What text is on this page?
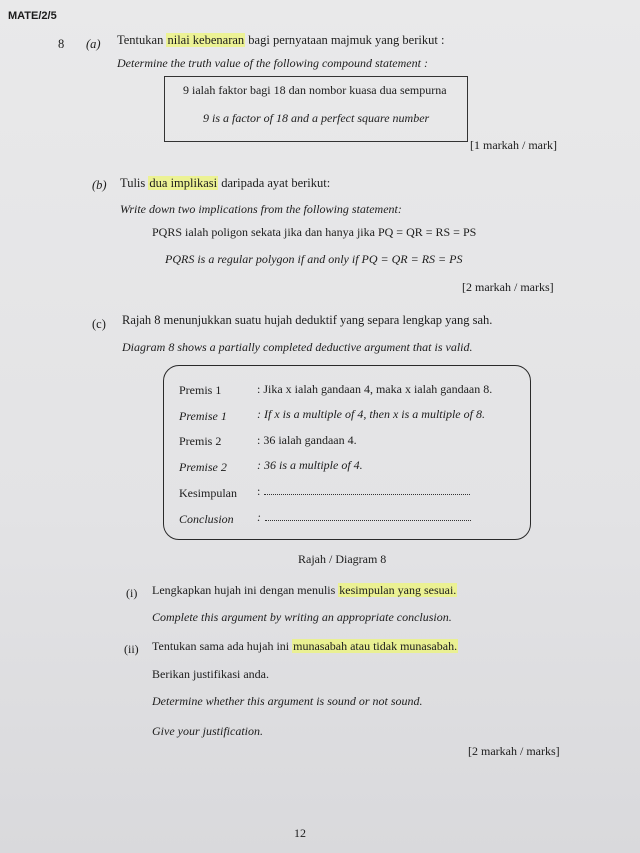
MATE/2/5
8 (a) Tentukan nilai kebenaran bagi pernyataan majmuk yang berikut :
Determine the truth value of the following compound statement :
9 ialah faktor bagi 18 dan nombor kuasa dua sempurna
9 is a factor of 18 and a perfect square number
[1 markah / mark]
(b) Tulis dua implikasi daripada ayat berikut:
Write down two implications from the following statement:
PQRS ialah poligon sekata jika dan hanya jika PQ = QR = RS = PS
PQRS is a regular polygon if and only if PQ = QR = RS = PS
[2 markah / marks]
(c) Rajah 8 menunjukkan suatu hujah deduktif yang separa lengkap yang sah.
Diagram 8 shows a partially completed deductive argument that is valid.
Premis 1	: Jika x ialah gandaan 4, maka x ialah gandaan 8.
Premise 1	: If x is a multiple of 4, then x is a multiple of 8.
Premis 2	: 36 ialah gandaan 4.
Premise 2	: 36 is a multiple of 4.
Kesimpulan :
Conclusion :
Rajah / Diagram 8
(i) Lengkapkan hujah ini dengan menulis kesimpulan yang sesuai.
Complete this argument by writing an appropriate conclusion.
(ii) Tentukan sama ada hujah ini munasabah atau tidak munasabah.
Berikan justifikasi anda.
Determine whether this argument is sound or not sound.
Give your justification.
[2 markah / marks]
12
